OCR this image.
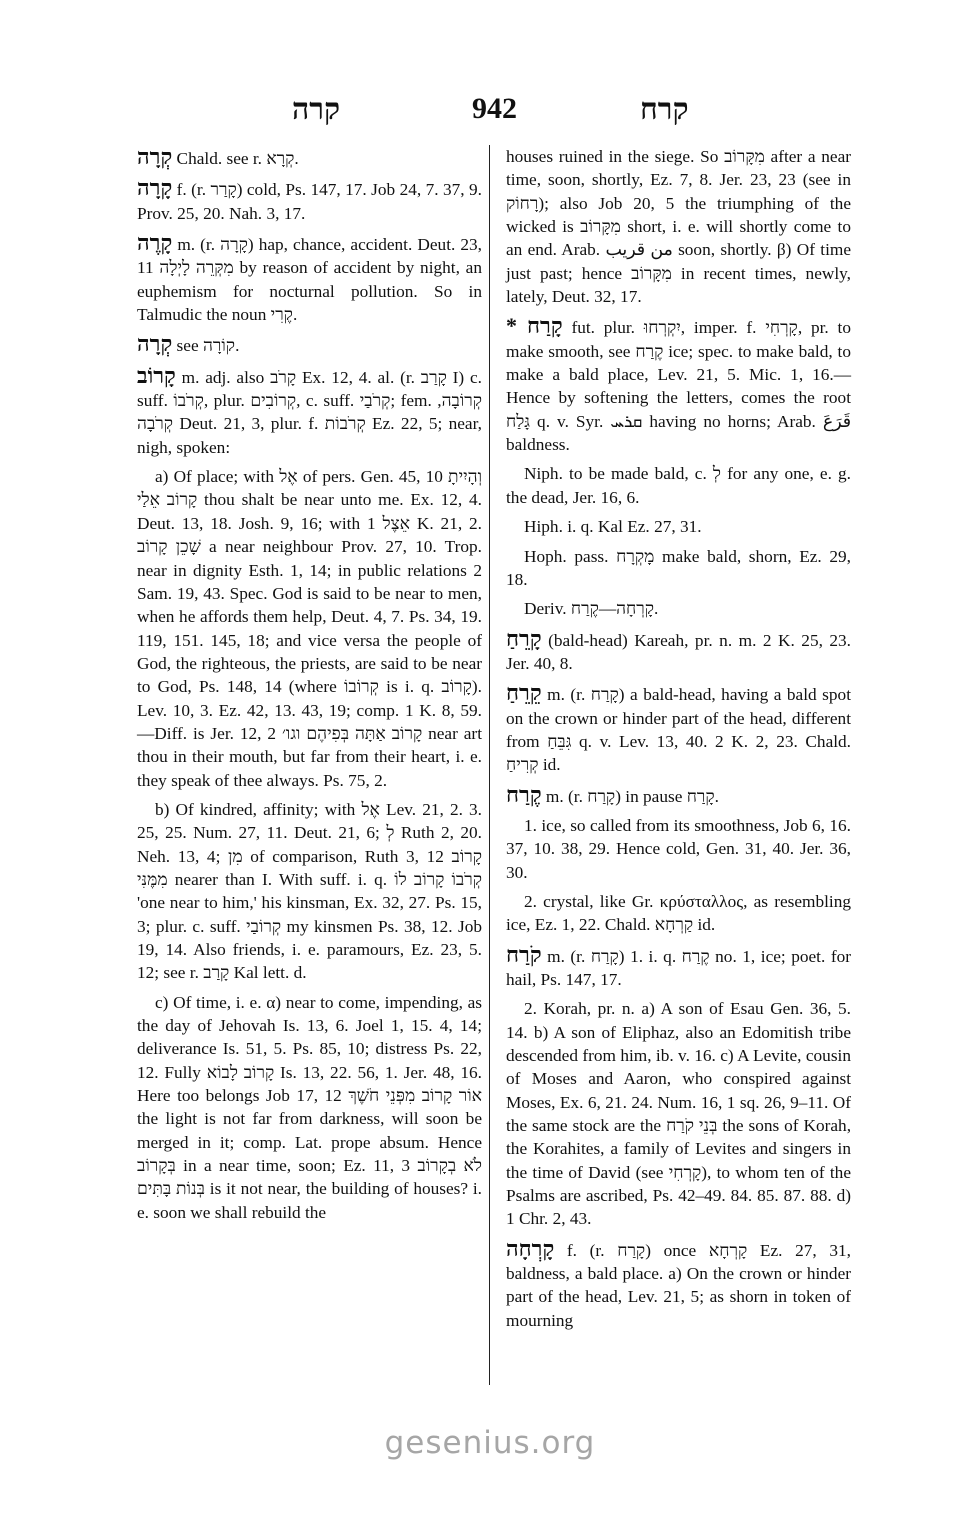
קרה	942	קרח

קְרָה Chald. see r. קְרָא.

קָרָה f. (r. קָרַר) cold, Ps. 147, 17. Job 24, 7. 37, 9. Prov. 25, 20. Nah. 3, 17.

קָרֶה m. (r. קָרָה) hap, chance, accident. Deut. 23, 11 מִקְּרֵה לָיְלָה by reason of accident by night, an euphemism for nocturnal pollution. So in Talmudic the noun קֶרִי.

קְרָה see קוֹרָה.

קָרוֹב m. adj. also קָרֹב Ex. 12, 4. al. (r. קָרַב I) c. suff. קְרֹבוֹ, plur. קְרוֹבִים, c. suff. קְרֹבַי; fem. קְרוֹבָה, קְרֹבָה Deut. 21, 3, plur. f. קְרֹבוֹת Ez. 22, 5; near, nigh, spoken:

a) Of place; with אֶל of pers. Gen. 45, 10 וְהָיִיתָ קָרוֹב אֵלַי thou shalt be near unto me. Ex. 12, 4. Deut. 13, 18. Josh. 9, 16; with אֵצֶל 1 K. 21, 2. שָׁכֵן קָרוֹב a near neighbour Prov. 27, 10. Trop. near in dignity Esth. 1, 14; in public relations 2 Sam. 19, 43. Spec. God is said to be near to men, when he affords them help, Deut. 4, 7. Ps. 34, 19. 119, 151. 145, 18; and vice versa the people of God, the righteous, the priests, are said to be near to God, Ps. 148, 14 (where קְרוֹבוֹ is i. q. קָרוֹב). Lev. 10, 3. Ez. 42, 13. 43, 19; comp. 1 K. 8, 59.—Diff. is Jer. 12, 2 קָרוֹב אַתָּה בְּפִיהֶם וגו׳ near art thou in their mouth, but far from their heart, i. e. they speak of thee always. Ps. 75, 2.

b) Of kindred, affinity; with אֶל Lev. 21, 2. 3. 25, 25. Num. 27, 11. Deut. 21, 6; לְ Ruth 2, 20. Neh. 13, 4; מִן of comparison, Ruth 3, 12 קָרוֹב מִמֶּנִּי nearer than I. With suff. i. q. קְרֹבוֹ קָרוֹב לוֹ 'one near to him,' his kinsman, Ex. 32, 27. Ps. 15, 3; plur. c. suff. קְרוֹבַי my kinsmen Ps. 38, 12. Job 19, 14. Also friends, i. e. paramours, Ez. 23, 5. 12; see r. קָרַב Kal lett. d.

c) Of time, i. e. α) near to come, impending, as the day of Jehovah Is. 13, 6. Joel 1, 15. 4, 14; deliverance Is. 51, 5. Ps. 85, 10; distress Ps. 22, 12. Fully קָרוֹב לָבוֹא Is. 13, 22. 56, 1. Jer. 48, 16. Here too belongs Job 17, 12 אוֹר קָרוֹב מִפְּנֵי חֹשֶׁךְ the light is not far from darkness, will soon be merged in it; comp. Lat. prope absum. Hence בְּקָרוֹב in a near time, soon; Ez. 11, 3 לֹא בְקָרוֹב בְּנוֹת בָּתִּים is it not near, the building of houses? i. e. soon we shall rebuild the

houses ruined in the siege. So מִקָּרוֹב after a near time, soon, shortly, Ez. 7, 8. Jer. 23, 23 (see in רָחוֹק); also Job 20, 5 the triumphing of the wicked is מִקָּרוֹב short, i. e. will shortly come to an end. Arab. من قريب soon, shortly. β) Of time just past; hence מִקָּרוֹב in recent times, newly, lately, Deut. 32, 17.

* קָרַח fut. plur. יִקְרְחוּ, imper. f. קָרְחִי, pr. to make smooth, see קֶרַח ice; spec. to make bald, to make a bald place, Lev. 21, 5. Mic. 1, 16.—Hence by softening the letters, comes the root גָּלַח q. v. Syr. ܩܪܚ having no horns; Arab. قَرَعَ baldness.

Niph. to be made bald, c. לְ for any one, e. g. the dead, Jer. 16, 6.

Hiph. i. q. Kal Ez. 27, 31.

Hoph. pass. מָקְרָח make bald, shorn, Ez. 29, 18.

Deriv. קָרְחָה—קֶרַח.

קָרֵחַ (bald-head) Kareah, pr. n. m. 2 K. 25, 23. Jer. 40, 8.

קֵרֵחַ m. (r. קָרַח) a bald-head, having a bald spot on the crown or hinder part of the head, different from גִּבֵּחַ q. v. Lev. 13, 40. 2 K. 2, 23. Chald. קְרִיחַ id.

קֶרַח m. (r. קָרַח) in pause קָרַח.

1. ice, so called from its smoothness, Job 6, 16. 37, 10. 38, 29. Hence cold, Gen. 31, 40. Jer. 36, 30.

2. crystal, like Gr. κρύσταλλος, as resembling ice, Ez. 1, 22. Chald. קַרְחָא id.

קֹרַח m. (r. קָרַח) 1. i. q. קֶרַח no. 1, ice; poet. for hail, Ps. 147, 17.

2. Korah, pr. n. a) A son of Esau Gen. 36, 5. 14. b) A son of Eliphaz, also an Edomitish tribe descended from him, ib. v. 16. c) A Levite, cousin of Moses and Aaron, who conspired against Moses, Ex. 6, 21. 24. Num. 16, 1 sq. 26, 9–11. Of the same stock are the בְּנֵי קֹרַח the sons of Korah, the Korahites, a family of Levites and singers in the time of David (see קָרְחִי), to whom ten of the Psalms are ascribed, Ps. 42–49. 84. 85. 87. 88. d) 1 Chr. 2, 43.

קָרְחָה f. (r. קָרַח) once קָרְחָא Ez. 27, 31, baldness, a bald place. a) On the crown or hinder part of the head, Lev. 21, 5; as shorn in token of mourning

gesenius.org
